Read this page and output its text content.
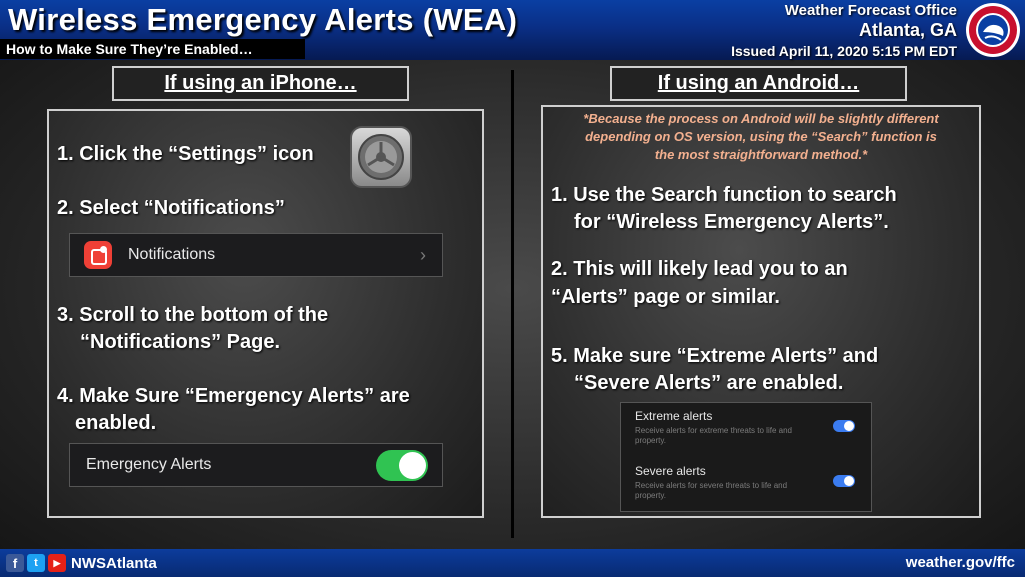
Wireless Emergency Alerts (WEA)
How to Make Sure They’re Enabled…
Weather Forecast Office
Atlanta, GA
Issued April 11, 2020 5:15 PM EDT
If using an iPhone…
1. Click the “Settings” icon
2. Select “Notifications”
Notifications	›
3. Scroll to the bottom of the
“Notifications” Page.
4. Make Sure “Emergency Alerts” are
enabled.
Emergency Alerts
If using an Android…
*Because the process on Android will be slightly different
depending on OS version, using the “Search” function is
the most straightforward method.*
1. Use the Search function to search
for “Wireless Emergency Alerts”.
2. This will likely lead you to an
“Alerts” page or similar.
5. Make sure “Extreme Alerts” and
“Severe Alerts” are enabled.
Extreme alerts
Receive alerts for extreme threats to life and property.
Severe alerts
Receive alerts for severe threats to life and property.
f	t	▶ NWSAtlanta	weather.gov/ffc
